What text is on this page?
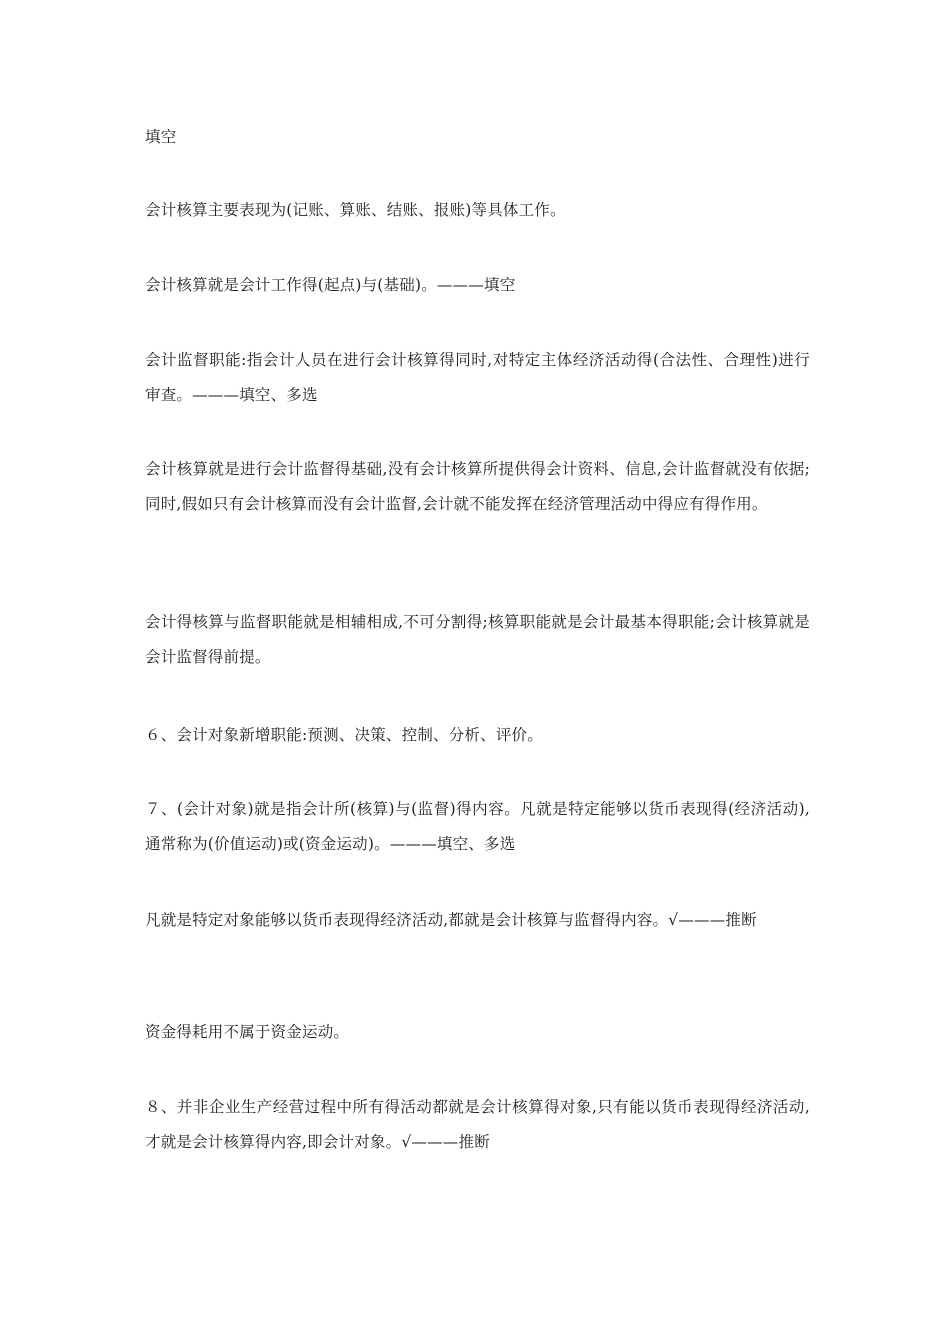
填空

会计核算主要表现为(记账、算账、结账、报账)等具体工作。

会计核算就是会计工作得(起点)与(基础)。———填空

会计监督职能:指会计人员在进行会计核算得同时,对特定主体经济活动得(合法性、合理性)进行审查。———填空、多选

会计核算就是进行会计监督得基础,没有会计核算所提供得会计资料、信息,会计监督就没有依据;同时,假如只有会计核算而没有会计监督,会计就不能发挥在经济管理活动中得应有得作用。

会计得核算与监督职能就是相辅相成,不可分割得;核算职能就是会计最基本得职能;会计核算就是会计监督得前提。

６、会计对象新增职能:预测、决策、控制、分析、评价。

７、(会计对象)就是指会计所(核算)与(监督)得内容。凡就是特定能够以货币表现得(经济活动),通常称为(价值运动)或(资金运动)。———填空、多选

凡就是特定对象能够以货币表现得经济活动,都就是会计核算与监督得内容。√———推断

资金得耗用不属于资金运动。

８、并非企业生产经营过程中所有得活动都就是会计核算得对象,只有能以货币表现得经济活动,才就是会计核算得内容,即会计对象。√———推断
